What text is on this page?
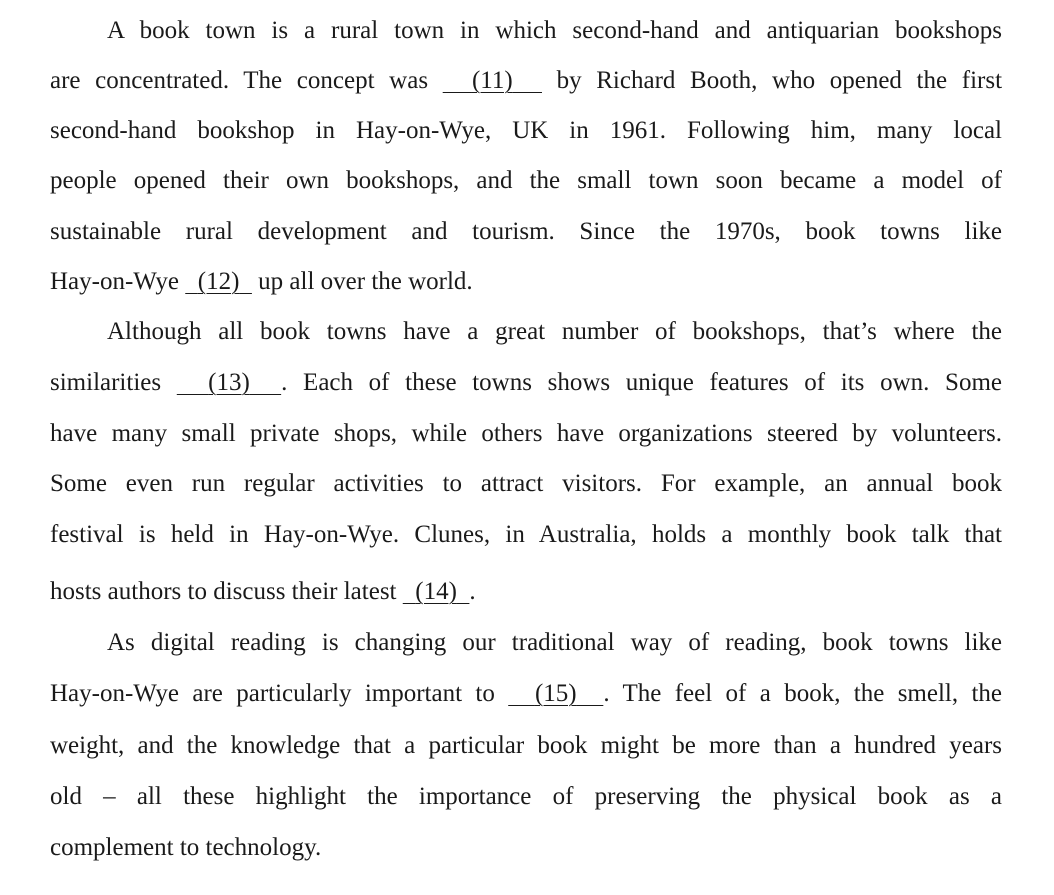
A book town is a rural town in which second-hand and antiquarian bookshops
are concentrated. The concept was   (11)   by Richard Booth, who opened the first
second-hand bookshop in Hay-on-Wye, UK in 1961. Following him, many local
people opened their own bookshops, and the small town soon became a model of
sustainable rural development and tourism. Since the 1970s, book towns like
Hay-on-Wye   (12)   up all over the world.
Although all book towns have a great number of bookshops, that’s where the
similarities   (13) . Each of these towns shows unique features of its own. Some
have many small private shops, while others have organizations steered by volunteers.
Some even run regular activities to attract visitors. For example, an annual book
festival is held in Hay-on-Wye. Clunes, in Australia, holds a monthly book talk that
hosts authors to discuss their latest   (14) .
As digital reading is changing our traditional way of reading, book towns like
Hay-on-Wye are particularly important to   (15) . The feel of a book, the smell, the
weight, and the knowledge that a particular book might be more than a hundred years
old – all these highlight the importance of preserving the physical book as a
complement to technology.
